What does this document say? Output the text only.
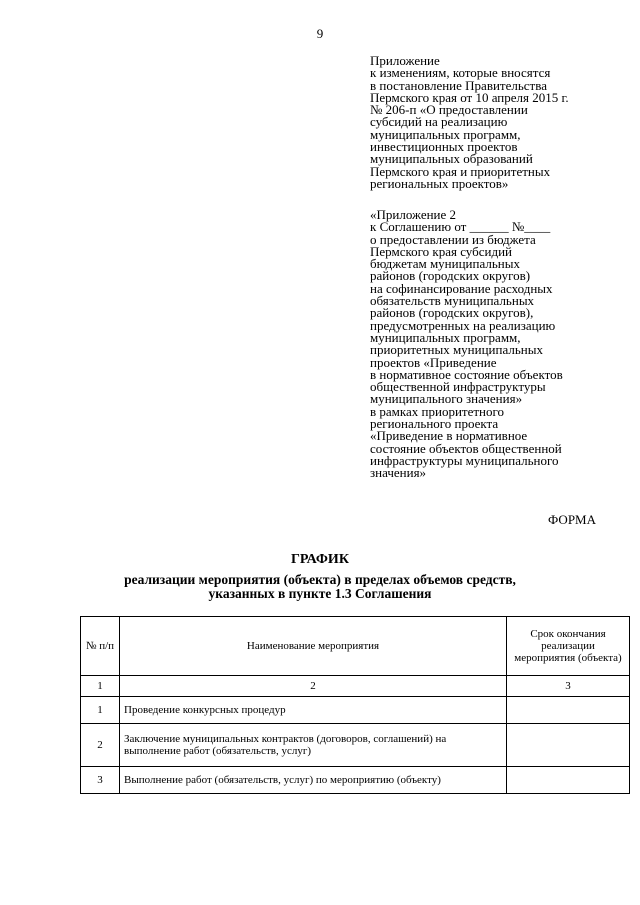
9
Приложение
к изменениям, которые вносятся
в постановление Правительства
Пермского края от 10 апреля 2015 г.
№ 206-п «О предоставлении
субсидий на реализацию
муниципальных программ,
инвестиционных проектов
муниципальных образований
Пермского края и приоритетных
региональных проектов»
«Приложение 2
к Соглашению от ______ №____
о предоставлении из бюджета
Пермского края субсидий
бюджетам муниципальных
районов (городских округов)
на софинансирование расходных
обязательств муниципальных
районов (городских округов),
предусмотренных на реализацию
муниципальных программ,
приоритетных муниципальных
проектов «Приведение
в нормативное состояние объектов
общественной инфраструктуры
муниципального значения»
в рамках приоритетного
регионального проекта
«Приведение в нормативное
состояние объектов общественной
инфраструктуры муниципального
значения»
ФОРМА
ГРАФИК
реализации мероприятия (объекта) в пределах объемов средств,
указанных в пункте 1.3 Соглашения
№ п/п	Наименование мероприятия	Срок окончания реализации мероприятия (объекта)
1	2	3
1	Проведение конкурсных процедур	
2	Заключение муниципальных контрактов (договоров, соглашений) на выполнение работ (обязательств, услуг)	
3	Выполнение работ (обязательств, услуг) по мероприятию (объекту)	
